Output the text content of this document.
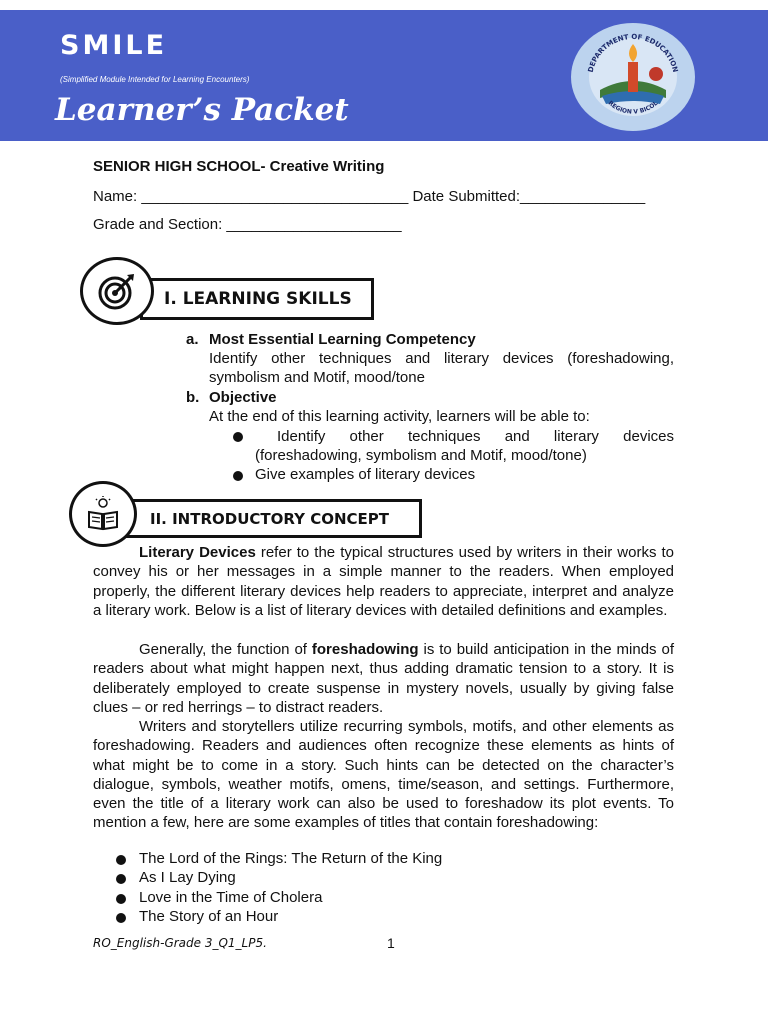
SMILE
(Simplified Module Intended for Learning Encounters)
Learner’s Packet
DEPARTMENT OF EDUCATION
REGION V BICOL
SENIOR HIGH SCHOOL- Creative Writing
Name: ________________________________ Date Submitted:_______________
Grade and Section: _____________________
I. LEARNING SKILLS
a. Most Essential Learning Competency
Identify other techniques and literary devices (foreshadowing, symbolism and Motif, mood/tone
b. Objective
At the end of this learning activity, learners will be able to:
Identify other techniques and literary devices (foreshadowing, symbolism and Motif, mood/tone)
Give examples of literary devices
II. INTRODUCTORY CONCEPT
Literary Devices refer to the typical structures used by writers in their works to convey his or her messages in a simple manner to the readers. When employed properly, the different literary devices help readers to appreciate, interpret and analyze a literary work. Below is a list of literary devices with detailed definitions and examples.
Generally, the function of foreshadowing is to build anticipation in the minds of readers about what might happen next, thus adding dramatic tension to a story. It is deliberately employed to create suspense in mystery novels, usually by giving false clues – or red herrings – to distract readers.
Writers and storytellers utilize recurring symbols, motifs, and other elements as foreshadowing. Readers and audiences often recognize these elements as hints of what might be to come in a story. Such hints can be detected on the character’s dialogue, symbols, weather motifs, omens, time/season, and settings. Furthermore, even the title of a literary work can also be used to foreshadow its plot events. To mention a few, here are some examples of titles that contain foreshadowing:
The Lord of the Rings: The Return of the King
As I Lay Dying
Love in the Time of Cholera
The Story of an Hour
RO_English-Grade 3_Q1_LP5.	1
